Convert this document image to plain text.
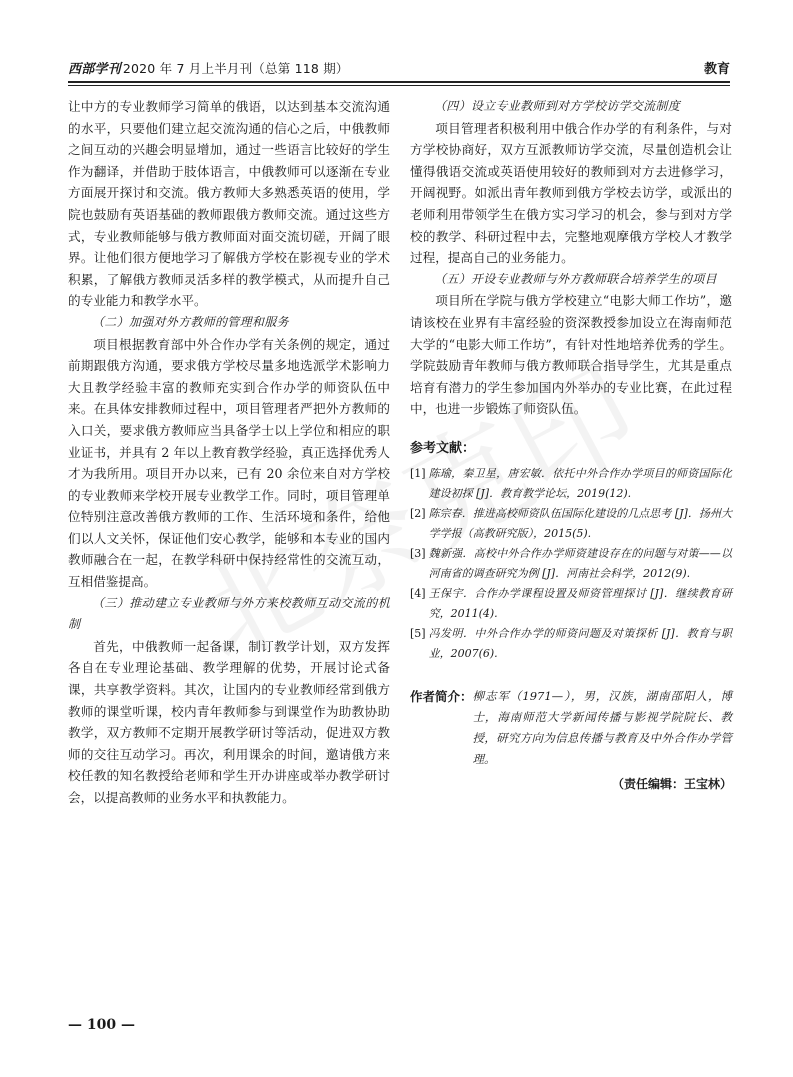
西部学刊 2020 年 7 月上半月刊（总第 118 期）	教育

让中方的专业教师学习简单的俄语，以达到基本交流沟通的水平，只要他们建立起交流沟通的信心之后，中俄教师之间互动的兴趣会明显增加，通过一些语言比较好的学生作为翻译，并借助于肢体语言，中俄教师可以逐渐在专业方面展开探讨和交流。俄方教师大多熟悉英语的使用，学院也鼓励有英语基础的教师跟俄方教师交流。通过这些方式，专业教师能够与俄方教师面对面交流切磋，开阔了眼界。让他们很方便地学习了解俄方学校在影视专业的学术积累，了解俄方教师灵活多样的教学模式，从而提升自己的专业能力和教学水平。

（二）加强对外方教师的管理和服务

项目根据教育部中外合作办学有关条例的规定，通过前期跟俄方沟通，要求俄方学校尽量多地选派学术影响力大且教学经验丰富的教师充实到合作办学的师资队伍中来。在具体安排教师过程中，项目管理者严把外方教师的入口关，要求俄方教师应当具备学士以上学位和相应的职业证书，并具有 2 年以上教育教学经验，真正选择优秀人才为我所用。项目开办以来，已有 20 余位来自对方学校的专业教师来学校开展专业教学工作。同时，项目管理单位特别注意改善俄方教师的工作、生活环境和条件，给他们以人文关怀，保证他们安心教学，能够和本专业的国内教师融合在一起，在教学科研中保持经常性的交流互动，互相借鉴提高。

（三）推动建立专业教师与外方来校教师互动交流的机制

首先，中俄教师一起备课，制订教学计划，双方发挥各自在专业理论基础、教学理解的优势，开展讨论式备课，共享教学资料。其次，让国内的专业教师经常到俄方教师的课堂听课，校内青年教师参与到课堂作为助教协助教学，双方教师不定期开展教学研讨等活动，促进双方教师的交往互动学习。再次，利用课余的时间，邀请俄方来校任教的知名教授给老师和学生开办讲座或举办教学研讨会，以提高教师的业务水平和执教能力。

（四）设立专业教师到对方学校访学交流制度

项目管理者积极利用中俄合作办学的有利条件，与对方学校协商好，双方互派教师访学交流，尽量创造机会让懂得俄语交流或英语使用较好的教师到对方去进修学习，开阔视野。如派出青年教师到俄方学校去访学，或派出的老师利用带领学生在俄方实习学习的机会，参与到对方学校的教学、科研过程中去，完整地观摩俄方学校人才教学过程，提高自己的业务能力。

（五）开设专业教师与外方教师联合培养学生的项目

项目所在学院与俄方学校建立“电影大师工作坊”，邀请该校在业界有丰富经验的资深教授参加设立在海南师范大学的“电影大师工作坊”，有针对性地培养优秀的学生。学院鼓励青年教师与俄方教师联合指导学生，尤其是重点培育有潜力的学生参加国内外举办的专业比赛，在此过程中，也进一步锻炼了师资队伍。

参考文献：
[1] 陈瑜，秦卫星，唐宏敏．依托中外合作办学项目的师资国际化建设初探 [J]．教育教学论坛，2019(12).
[2] 陈宗春．推进高校师资队伍国际化建设的几点思考 [J]．扬州大学学报（高教研究版），2015(5).
[3] 魏新强．高校中外合作办学师资建设存在的问题与对策——以河南省的调查研究为例 [J]．河南社会科学，2012(9).
[4] 王保宇．合作办学课程设置及师资管理探讨 [J]．继续教育研究，2011(4).
[5] 冯发明．中外合作办学的师资问题及对策探析 [J]．教育与职业，2007(6).
作者简介： 柳志军（1971—），男，汉族，湖南邵阳人，博士，海南师范大学新闻传播与影视学院院长、教授，研究方向为信息传播与教育及中外合作办学管理。
（责任编辑：王宝林）
— 100 —
